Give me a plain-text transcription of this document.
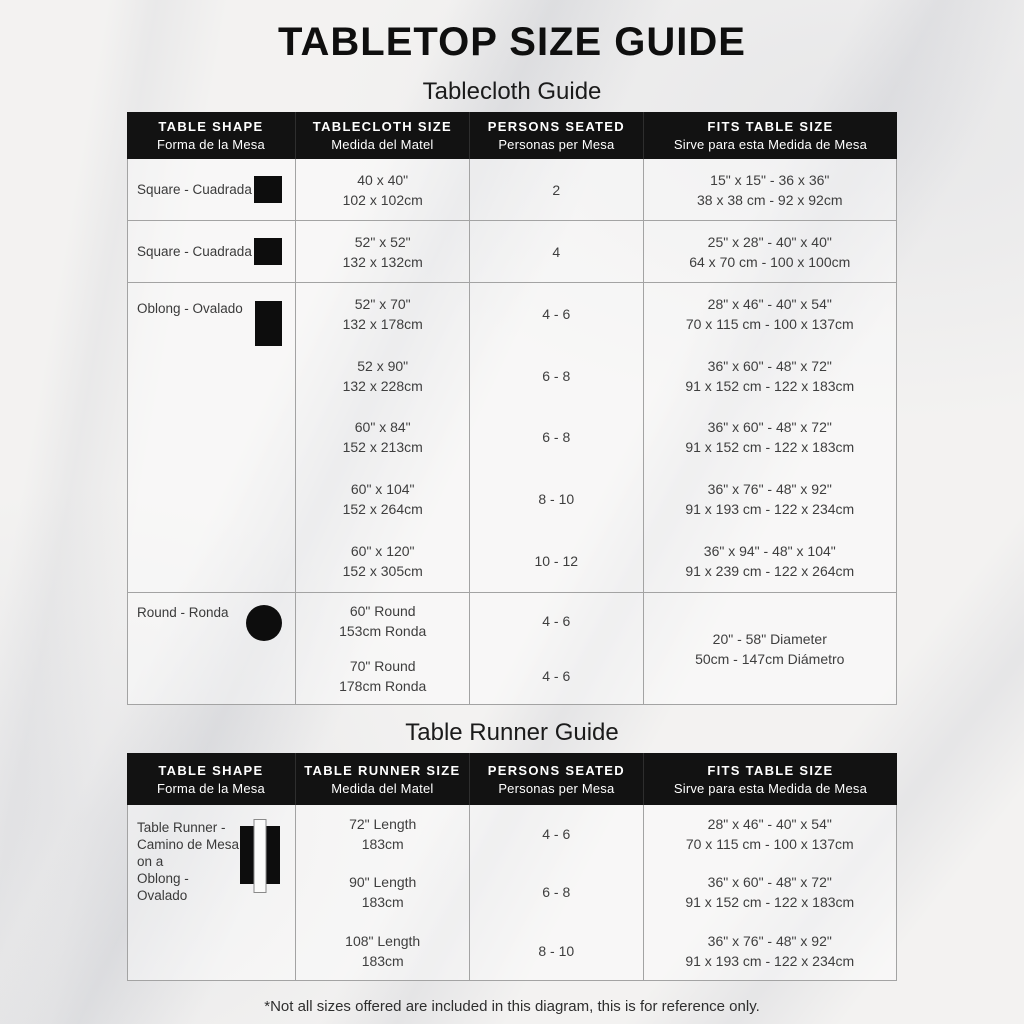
TABLETOP SIZE GUIDE
Tablecloth Guide
TABLE SHAPE
Forma de la Mesa
TABLECLOTH SIZE
Medida del Matel
PERSONS SEATED
Personas per Mesa
FITS TABLE SIZE
Sirve para esta Medida de Mesa
Square - Cuadrada
40 x 40"
102 x 102cm
2
15" x 15" - 36 x 36"
38 x 38 cm - 92 x 92cm
Square - Cuadrada
52" x 52"
132 x 132cm
4
25" x 28" - 40" x 40"
64 x 70 cm - 100 x 100cm
Oblong - Ovalado	52" x 70"
132 x 178cm
52 x 90"
132 x 228cm
60" x 84"
152 x 213cm
60" x 104"
152 x 264cm
60" x 120"
152 x 305cm
4 - 6
6 - 8
6 - 8
8 - 10
10 - 12
28" x 46" - 40" x 54"
70 x 115 cm - 100 x 137cm
36" x 60" - 48" x 72"
91 x 152 cm - 122 x 183cm
36" x 60" - 48" x 72"
91 x 152 cm - 122 x 183cm
36" x 76" - 48" x 92"
91 x 193 cm - 122 x 234cm
36" x 94" - 48" x 104"
91 x 239 cm - 122 x 264cm
Round - Ronda	60" Round
153cm Ronda
70" Round
178cm Ronda
4 - 6
4 - 6
20" - 58" Diameter
50cm - 147cm Diámetro
Table Runner Guide
TABLE SHAPE
Forma de la Mesa
TABLE RUNNER SIZE
Medida del Matel
PERSONS SEATED
Personas per Mesa
FITS TABLE SIZE
Sirve para esta Medida de Mesa
Table Runner -
Camino de Mesa
on a
Oblong - Ovalado
72" Length
183cm
90" Length
183cm
108" Length
183cm
4 - 6
6 - 8
8 - 10
28" x 46" - 40" x 54"
70 x 115 cm - 100 x 137cm
36" x 60" - 48" x 72"
91 x 152 cm - 122 x 183cm
36" x 76" - 48" x 92"
91 x 193 cm - 122 x 234cm
*Not all sizes offered are included in this diagram, this is for reference only.
